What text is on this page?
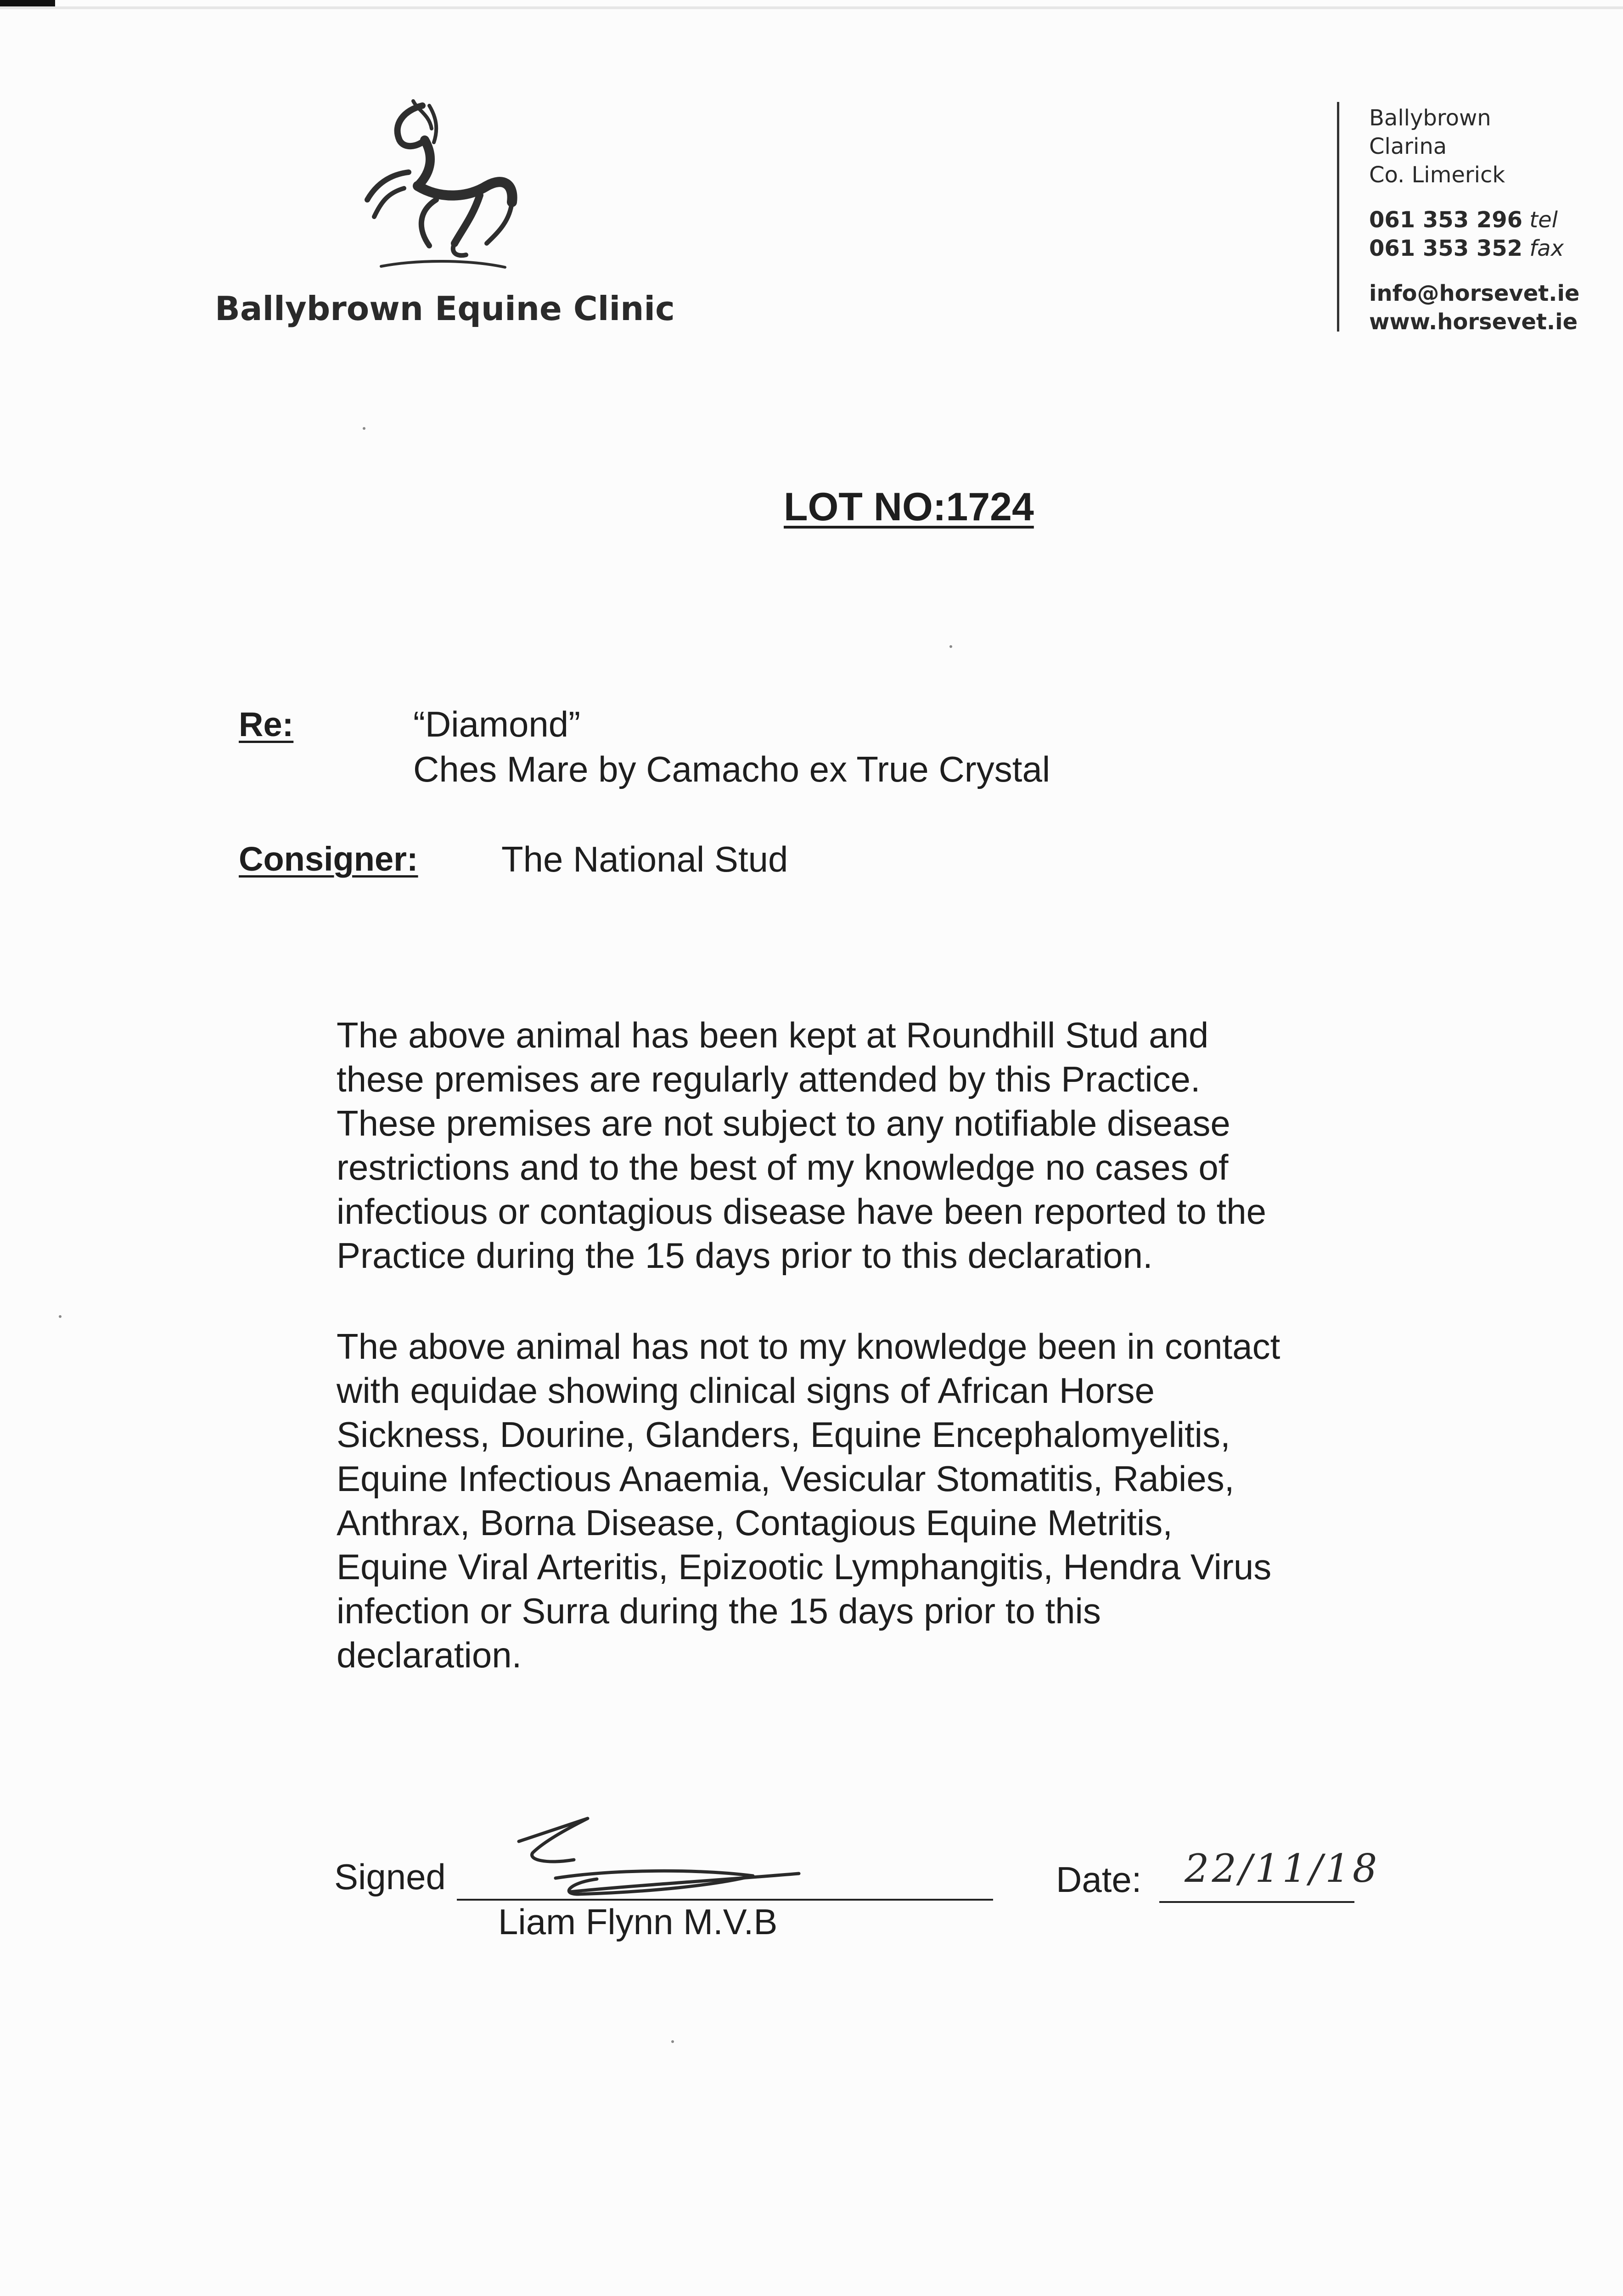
Ballybrown Equine Clinic
Ballybrown
Clarina
Co. Limerick
061 353 296 tel
061 353 352 fax
info@horsevet.ie
www.horsevet.ie
LOT NO:1724
Re:	“Diamond”
Ches Mare by Camacho ex True Crystal
Consigner: The National Stud
The above animal has been kept at Roundhill Stud and
these premises are regularly attended by this Practice.
These premises are not subject to any notifiable disease
restrictions and to the best of my knowledge no cases of
infectious or contagious disease have been reported to the
Practice during the 15 days prior to this declaration.
The above animal has not to my knowledge been in contact
with equidae showing clinical signs of African Horse
Sickness, Dourine, Glanders, Equine Encephalomyelitis,
Equine Infectious Anaemia, Vesicular Stomatitis, Rabies,
Anthrax, Borna Disease, Contagious Equine Metritis,
Equine Viral Arteritis, Epizootic Lymphangitis, Hendra Virus
infection or Surra during the 15 days prior to this
declaration.
Signed
Liam Flynn M.V.B
Date: 22/11/18
